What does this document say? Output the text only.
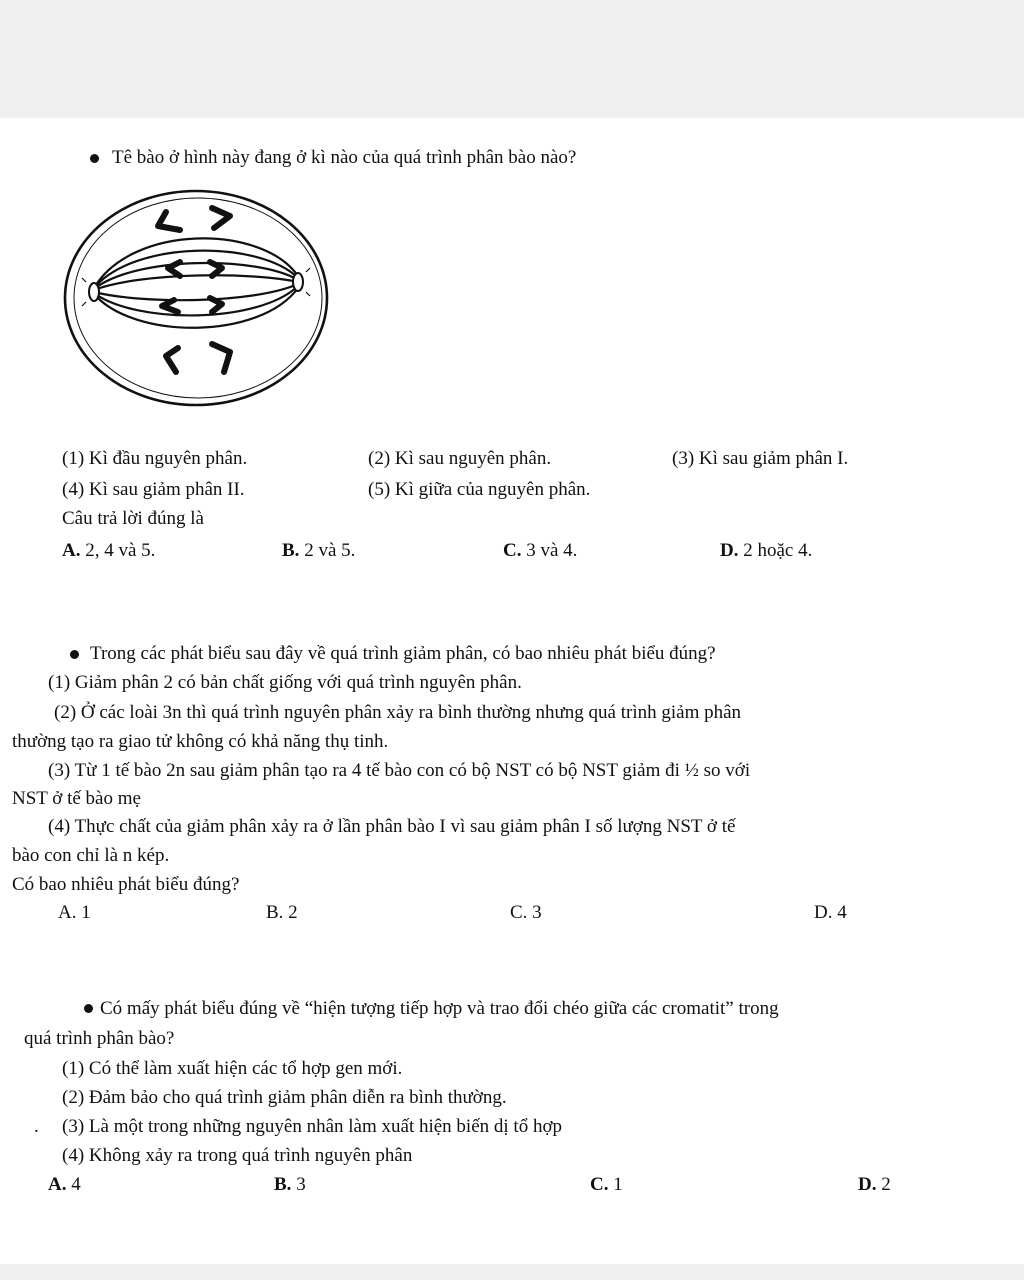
Tê bào ở hình này đang ở kì nào của quá trình phân bào nào?
(1) Kì đầu nguyên phân.	(2) Kì sau nguyên phân.	(3) Kì sau giảm phân I.
(4) Kì sau giảm phân II.	(5) Kì giữa của nguyên phân.
Câu trả lời đúng là
A. 2, 4 và 5.	B. 2 và 5.	C. 3 và 4.	D. 2 hoặc 4.
Trong các phát biểu sau đây về quá trình giảm phân, có bao nhiêu phát biểu đúng?
(1) Giảm phân 2 có bản chất giống với quá trình nguyên phân.
(2) Ở các loài 3n thì quá trình nguyên phân xảy ra bình thường nhưng quá trình giảm phân
thường tạo ra giao tử không có khả năng thụ tinh.
(3) Từ 1 tế bào 2n sau giảm phân tạo ra 4 tế bào con có bộ NST có bộ NST giảm đi ½ so với
NST ở tế bào mẹ
(4) Thực chất của giảm phân xảy ra ở lần phân bào I vì sau giảm phân I số lượng NST ở tế
bào con chỉ là n kép.
Có bao nhiêu phát biểu đúng?
A. 1	B. 2	C. 3	D. 4
Có mấy phát biểu đúng về “hiện tượng tiếp hợp và trao đổi chéo giữa các cromatit” trong
quá trình phân bào?
(1) Có thể làm xuất hiện các tổ hợp gen mới.
(2) Đảm bảo cho quá trình giảm phân diễn ra bình thường.
. (3) Là một trong những nguyên nhân làm xuất hiện biến dị tổ hợp
(4) Không xảy ra trong quá trình nguyên phân
A. 4	B. 3	C. 1	D. 2
